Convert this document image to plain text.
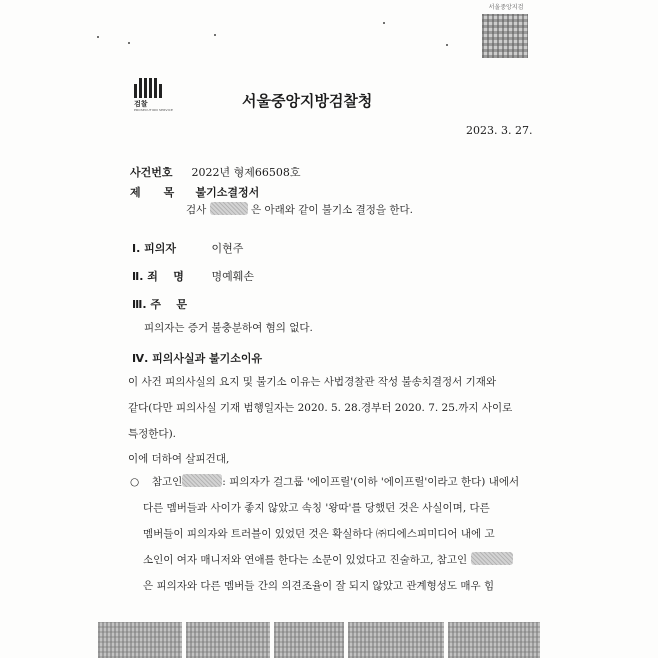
서울중앙지검
검찰
PROSECUTION SERVICE	서울중앙지방검찰청
2023. 3. 27.
사건번호 2022년 형제66508호
제      목 불기소결정서
검사	은 아래와 같이 불기소 결정을 한다.
Ⅰ. 피의자	이현주
Ⅱ. 죄    명	명예훼손
Ⅲ. 주    문
피의자는 증거 불충분하여 혐의 없다.
Ⅳ. 피의사실과 불기소이유
이 사건 피의사실의 요지 및 불기소 이유는 사법경찰관 작성 불송치결정서 기재와
같다(다만 피의사실 기재 범행일자는 2020. 5. 28.경부터 2020. 7. 25.까지 사이로
특정한다).
이에 더하여 살피건대,
○ 참고인	: 피의자가 걸그룹 '에이프릴'(이하 '에이프릴'이라고 한다) 내에서
다른 멤버들과 사이가 좋지 않았고 속칭 '왕따'를 당했던 것은 사실이며, 다른
멤버들이 피의자와 트러블이 있었던 것은 확실하다 ㈜디에스피미디어 내에 고
소인이 여자 매니저와 연애를 한다는 소문이 있었다고 진술하고, 참고인
은 피의자와 다른 멤버들 간의 의견조율이 잘 되지 않았고 관계형성도 매우 힘
